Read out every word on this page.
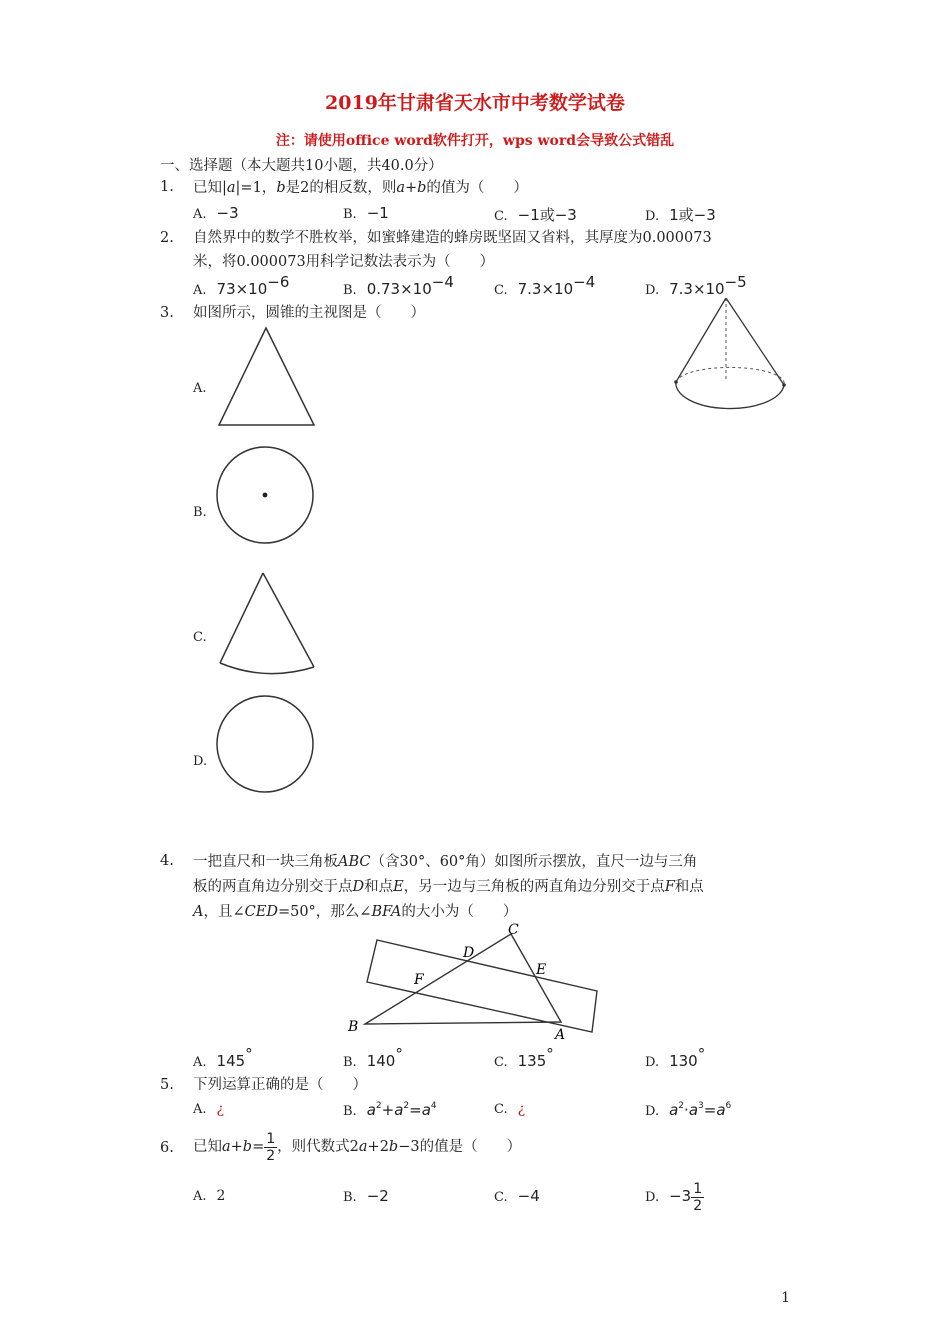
2019年甘肃省天水市中考数学试卷
注：请使用office word软件打开，wps word会导致公式错乱
一、选择题（本大题共10小题，共40.0分）
1. 已知|a|=1，b是2的相反数，则a+b的值为（　　）
A. −3	B. −1	C. −1或−3	D. 1或−3
2. 自然界中的数学不胜枚举，如蜜蜂建造的蜂房既坚固又省料，其厚度为0.000073
米，将0.000073用科学记数法表示为（　　）
A. $73\times 10^{-6}$	B. $0.73\times 10^{-4}$	C. $7.3\times 10^{-4}$	D. $7.3\times 10^{-5}$
3. 如图所示，圆锥的主视图是（　　）
A.
B.
C.
D.
4. 一把直尺和一块三角板ABC（含30°、60°角）如图所示摆放，直尺一边与三角
板的两直角边分别交于点D和点E，另一边与三角板的两直角边分别交于点F和点
A，且∠CED=50°，那么∠BFA的大小为（　　）
B	A
C
D
E
F
A. 145°	B. 140°	C. 135°	D. 130°
5. 下列运算正确的是（　　）
A. ¿	B. $a^2+a^2=a^4$	C. ¿	D. $a^2\cdot a^3=a^6$
6. 已知$a+b= \frac{1}{2}$ ，则代数式2a+2b−3的值是（　　）
A. 2	B. −2	C. −4	D. $-3 \frac{1}{2}$
1
